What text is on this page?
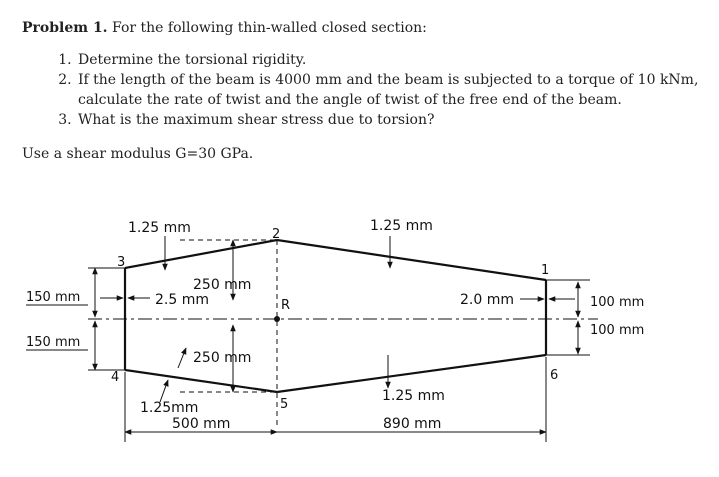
Problem 1. For the following thin-walled closed section:

1. Determine the torsional rigidity.
2. If the length of the beam is 4000 mm and the beam is subjected to a torque of 10 kNm, calculate the rate of twist and the angle of twist of the free end of the beam.
3. What is the maximum shear stress due to torsion?

Use a shear modulus G=30 GPa.

1
2
3
4
5
6
R
1.25 mm	1.25 mm
2.5 mm
1.25mm
1.25 mm
2.0 mm
250 mm
250 mm
150 mm
150 mm
100 mm
100 mm
500 mm	890 mm
